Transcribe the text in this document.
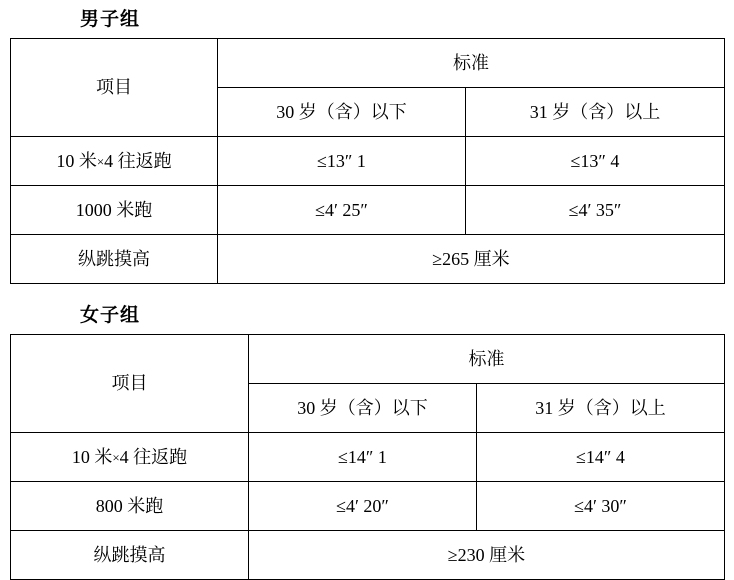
男子组
项目	标准	
	30 岁（含）以下	31 岁（含）以上
10 米×4 往返跑	≤13″ 1	≤13″ 4
1000 米跑	≤4′ 25″	≤4′ 35″
纵跳摸高	≥265 厘米	
女子组
项目	标准	
	30 岁（含）以下	31 岁（含）以上
10 米×4 往返跑	≤14″ 1	≤14″ 4
800 米跑	≤4′ 20″	≤4′ 30″
纵跳摸高	≥230 厘米	
